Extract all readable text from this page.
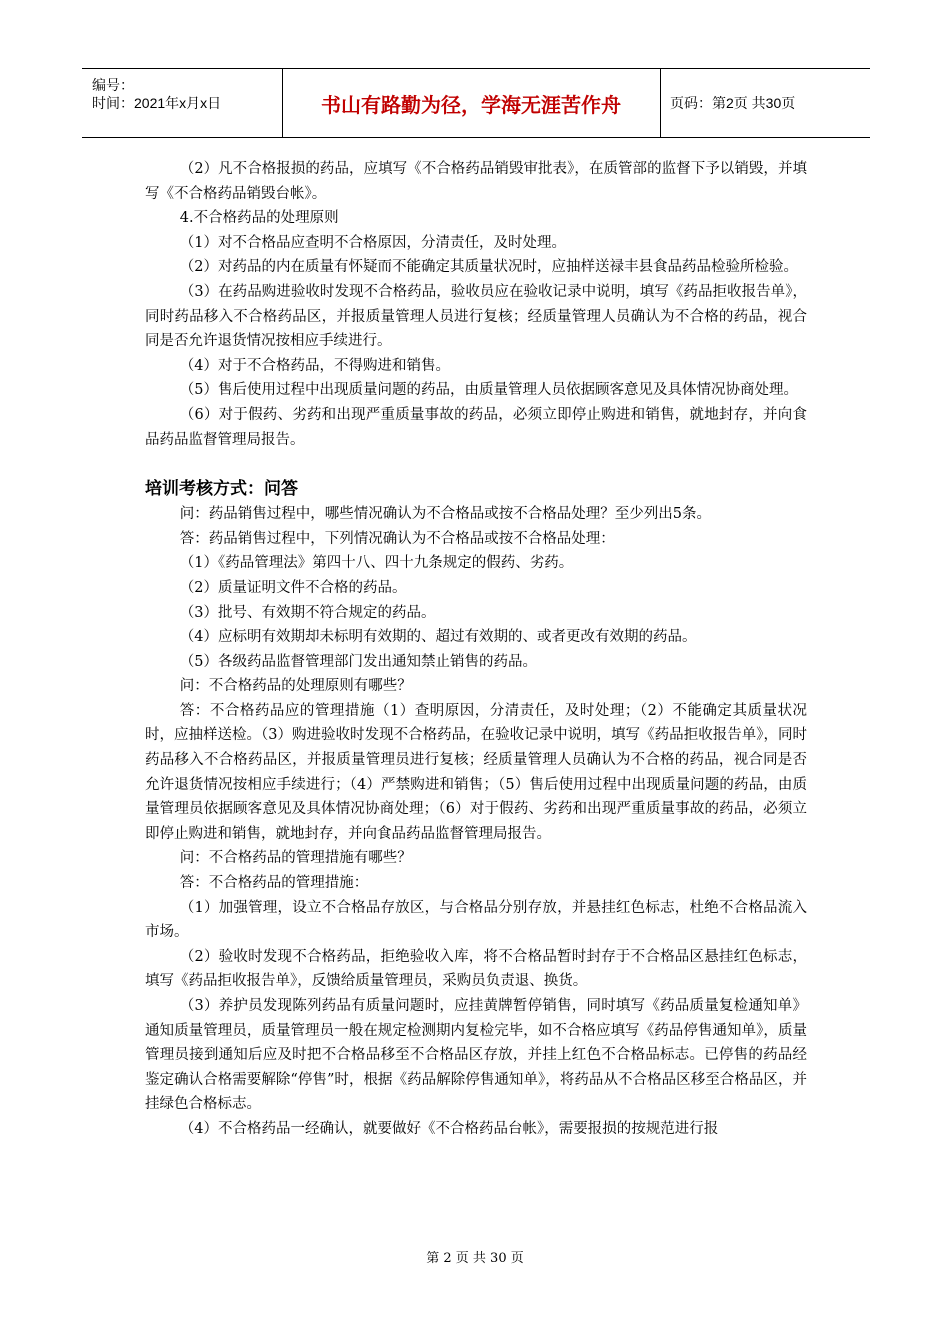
编号：
时间：2021年x月x日	书山有路勤为径，学海无涯苦作舟	页码：第2页 共30页

（2）凡不合格报损的药品，应填写《不合格药品销毁审批表》，在质管部的监督下予以销毁，并填写《不合格药品销毁台帐》。

4.不合格药品的处理原则

（1）对不合格品应查明不合格原因，分清责任，及时处理。

（2）对药品的内在质量有怀疑而不能确定其质量状况时，应抽样送禄丰县食品药品检验所检验。

（3）在药品购进验收时发现不合格药品，验收员应在验收记录中说明，填写《药品拒收报告单》，同时药品移入不合格药品区，并报质量管理人员进行复核；经质量管理人员确认为不合格的药品，视合同是否允许退货情况按相应手续进行。

（4）对于不合格药品，不得购进和销售。

（5）售后使用过程中出现质量问题的药品，由质量管理人员依据顾客意见及具体情况协商处理。

（6）对于假药、劣药和出现严重质量事故的药品，必须立即停止购进和销售，就地封存，并向食品药品监督管理局报告。

培训考核方式：问答

问：药品销售过程中，哪些情况确认为不合格品或按不合格品处理？至少列出5条。

答：药品销售过程中，下列情况确认为不合格品或按不合格品处理：

（1）《药品管理法》第四十八、四十九条规定的假药、劣药。

（2）质量证明文件不合格的药品。

（3）批号、有效期不符合规定的药品。

（4）应标明有效期却未标明有效期的、超过有效期的、或者更改有效期的药品。

（5）各级药品监督管理部门发出通知禁止销售的药品。

问：不合格药品的处理原则有哪些？

答：不合格药品应的管理措施（1）查明原因，分清责任，及时处理；（2）不能确定其质量状况时，应抽样送检。（3）购进验收时发现不合格药品，在验收记录中说明，填写《药品拒收报告单》，同时药品移入不合格药品区，并报质量管理员进行复核；经质量管理人员确认为不合格的药品，视合同是否允许退货情况按相应手续进行；（4）严禁购进和销售；（5）售后使用过程中出现质量问题的药品，由质量管理员依据顾客意见及具体情况协商处理；（6）对于假药、劣药和出现严重质量事故的药品，必须立即停止购进和销售，就地封存，并向食品药品监督管理局报告。

问：不合格药品的管理措施有哪些？

答：不合格药品的管理措施：

（1）加强管理，设立不合格品存放区，与合格品分别存放，并悬挂红色标志，杜绝不合格品流入市场。

（2）验收时发现不合格药品，拒绝验收入库，将不合格品暂时封存于不合格品区悬挂红色标志，填写《药品拒收报告单》，反馈给质量管理员，采购员负责退、换货。

（3）养护员发现陈列药品有质量问题时，应挂黄牌暂停销售，同时填写《药品质量复检通知单》通知质量管理员，质量管理员一般在规定检测期内复检完毕，如不合格应填写《药品停售通知单》，质量管理员接到通知后应及时把不合格品移至不合格品区存放，并挂上红色不合格品标志。已停售的药品经鉴定确认合格需要解除“停售”时，根据《药品解除停售通知单》，将药品从不合格品区移至合格品区，并挂绿色合格标志。

（4）不合格药品一经确认，就要做好《不合格药品台帐》，需要报损的按规范进行报

第 2 页 共 30 页
